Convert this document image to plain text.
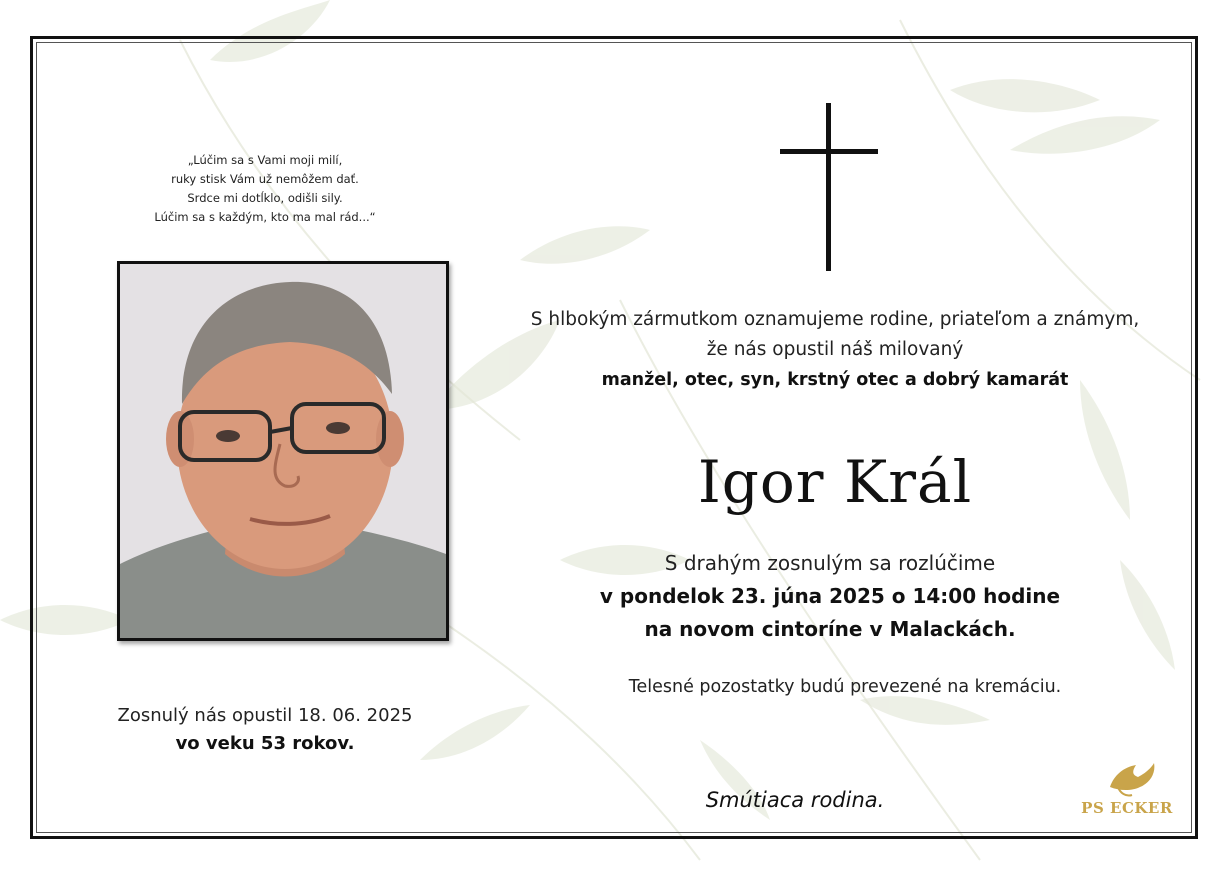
„Lúčim sa s Vami moji milí,
ruky stisk Vám už nemôžem dať.
Srdce mi dotĺklo, odišli sily.
Lúčim sa s každým, kto ma mal rád...“
Zosnulý nás opustil 18. 06. 2025
vo veku 53 rokov.
S hlbokým zármutkom oznamujeme rodine, priateľom a známym,
že nás opustil náš milovaný
manžel, otec, syn, krstný otec a dobrý kamarát
Igor Král
S drahým zosnulým sa rozlúčime
v pondelok 23. júna 2025 o 14:00 hodine
na novom cintoríne v Malackách.
Telesné pozostatky budú prevezené na kremáciu.
Smútiaca rodina.	PS ECKER
